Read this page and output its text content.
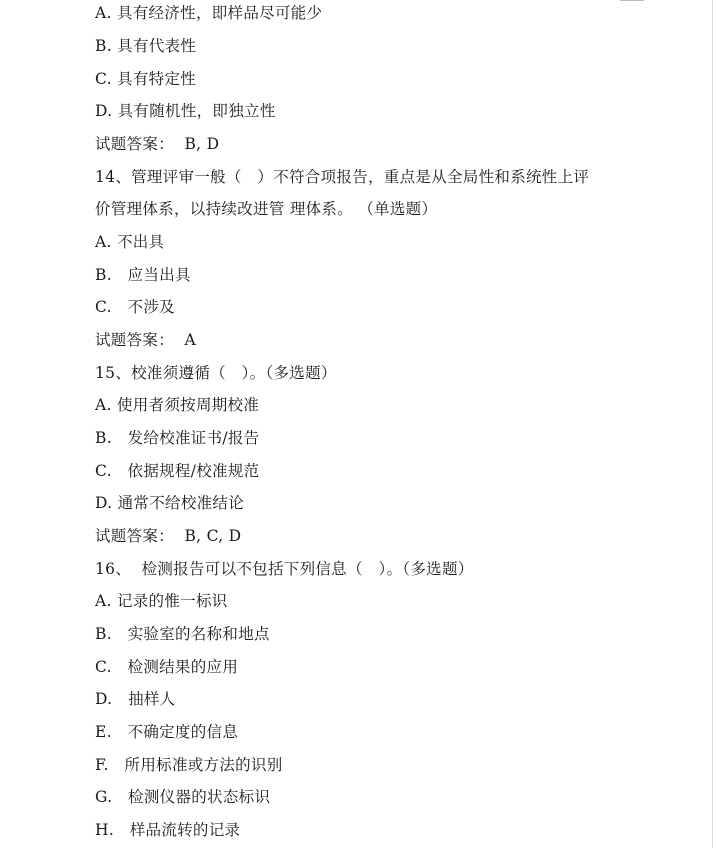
A. 具有经济性，即样品尽可能少
B. 具有代表性
C. 具有特定性
D. 具有随机性，即独立性
试题答案：  B, D
14、管理评审一般（   ）不符合项报告，重点是从全局性和系统性上评
价管理体系，以持续改进管 理体系。 （单选题）
A. 不出具
B.   应当出具
C.   不涉及
试题答案：  A
15、校准须遵循（   ）。（多选题）
A. 使用者须按周期校准
B.   发给校准证书/报告
C.   依据规程/校准规范
D. 通常不给校准结论
试题答案：  B, C, D
16、  检测报告可以不包括下列信息（   ）。（多选题）
A. 记录的惟一标识
B.   实验室的名称和地点
C.   检测结果的应用
D.   抽样人
E.   不确定度的信息
F.   所用标准或方法的识别
G.   检测仪器的状态标识
H.   样品流转的记录
